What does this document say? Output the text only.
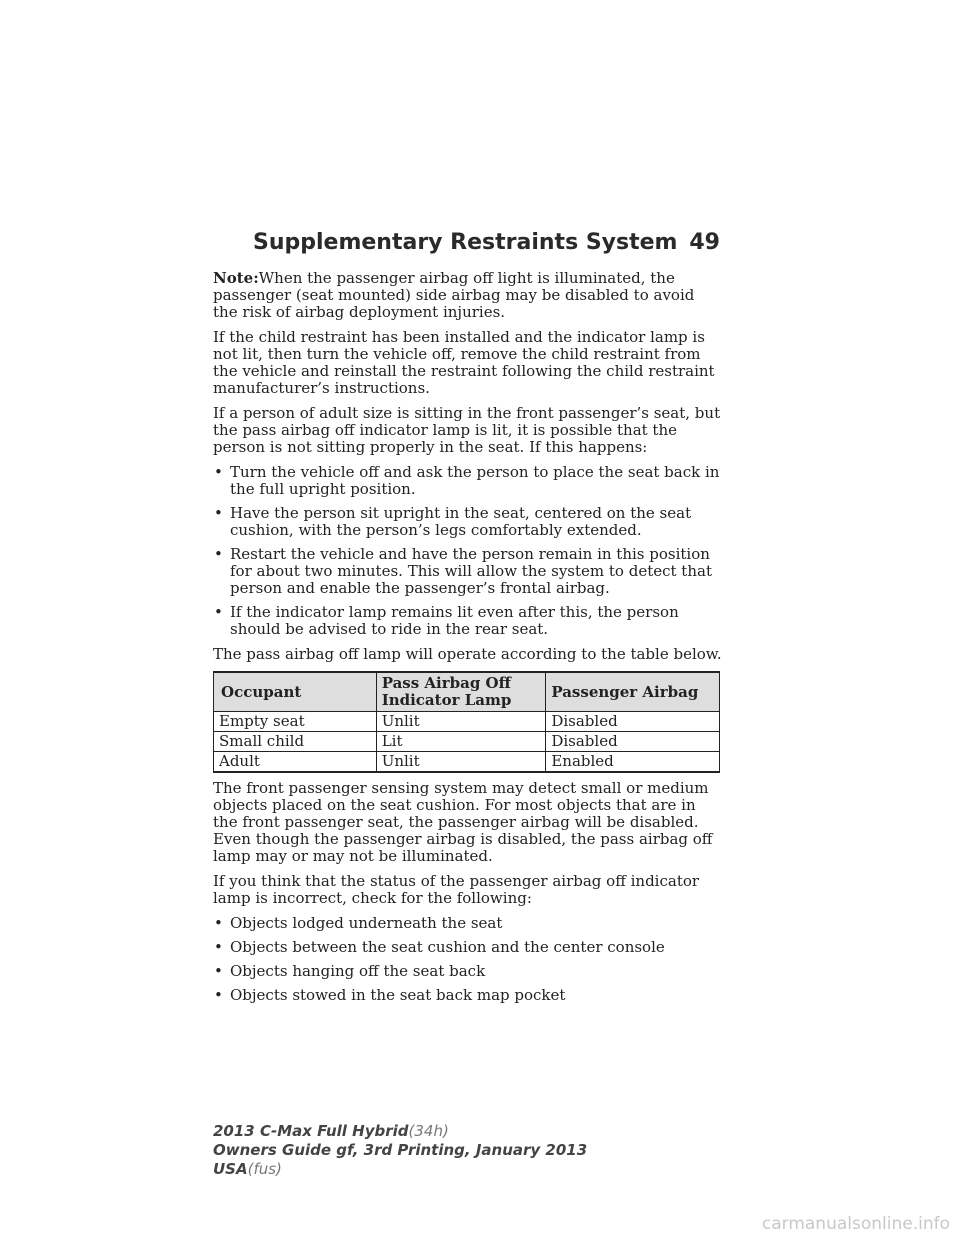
Supplementary Restraints System 49

Note:When the passenger airbag off light is illuminated, the passenger (seat mounted) side airbag may be disabled to avoid the risk of airbag deployment injuries.

If the child restraint has been installed and the indicator lamp is not lit, then turn the vehicle off, remove the child restraint from the vehicle and reinstall the restraint following the child restraint manufacturer’s instructions.

If a person of adult size is sitting in the front passenger’s seat, but the pass airbag off indicator lamp is lit, it is possible that the person is not sitting properly in the seat. If this happens:

• Turn the vehicle off and ask the person to place the seat back in the full upright position.
• Have the person sit upright in the seat, centered on the seat cushion, with the person’s legs comfortably extended.
• Restart the vehicle and have the person remain in this position for about two minutes. This will allow the system to detect that person and enable the passenger’s frontal airbag.
• If the indicator lamp remains lit even after this, the person should be advised to ride in the rear seat.

The pass airbag off lamp will operate according to the table below.

Occupant	Pass Airbag Off Indicator Lamp	Passenger Airbag
Empty seat	Unlit	Disabled
Small child	Lit	Disabled
Adult	Unlit	Enabled

The front passenger sensing system may detect small or medium objects placed on the seat cushion. For most objects that are in the front passenger seat, the passenger airbag will be disabled. Even though the passenger airbag is disabled, the pass airbag off lamp may or may not be illuminated.

If you think that the status of the passenger airbag off indicator lamp is incorrect, check for the following:

• Objects lodged underneath the seat
• Objects between the seat cushion and the center console
• Objects hanging off the seat back
• Objects stowed in the seat back map pocket
2013 C-Max Full Hybrid(34h)
Owners Guide gf, 3rd Printing, January 2013
USA(fus)
carmanualsonline.info
